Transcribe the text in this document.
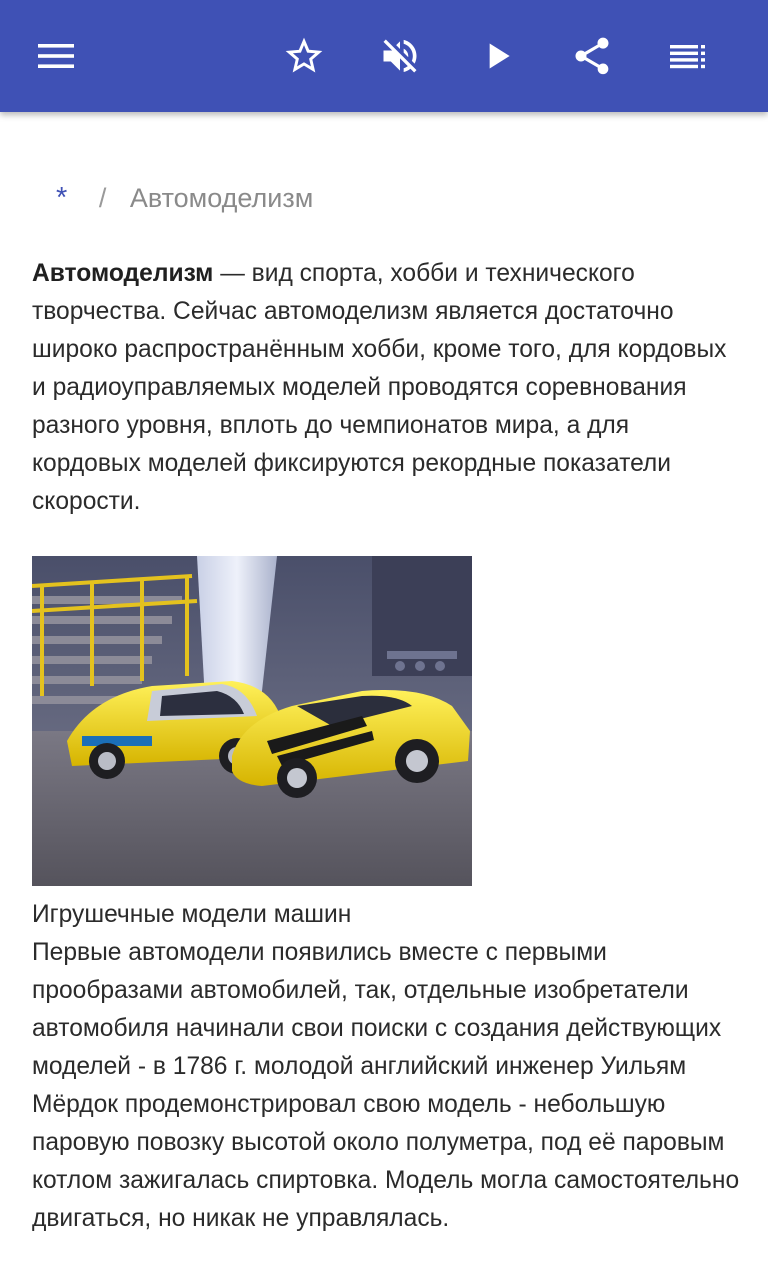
* / Автомоделизм

Автомоделизм — вид спорта, хобби и технического творчества. Сейчас автомоделизм является достаточно широко распространённым хобби, кроме того, для кордовых и радиоуправляемых моделей проводятся соревнования разного уровня, вплоть до чемпионатов мира, а для кордовых моделей фиксируются рекордные показатели скорости.

Игрушечные модели машин
Первые автомодели появились вместе с первыми прообразами автомобилей, так, отдельные изобретатели автомобиля начинали свои поиски с создания действующих моделей - в 1786 г. молодой английский инженер Уильям Мёрдок продемонстрировал свою модель - небольшую паровую повозку высотой около полуметра, под её паровым котлом зажигалась спиртовка. Модель могла самостоятельно двигаться, но никак не управлялась.
